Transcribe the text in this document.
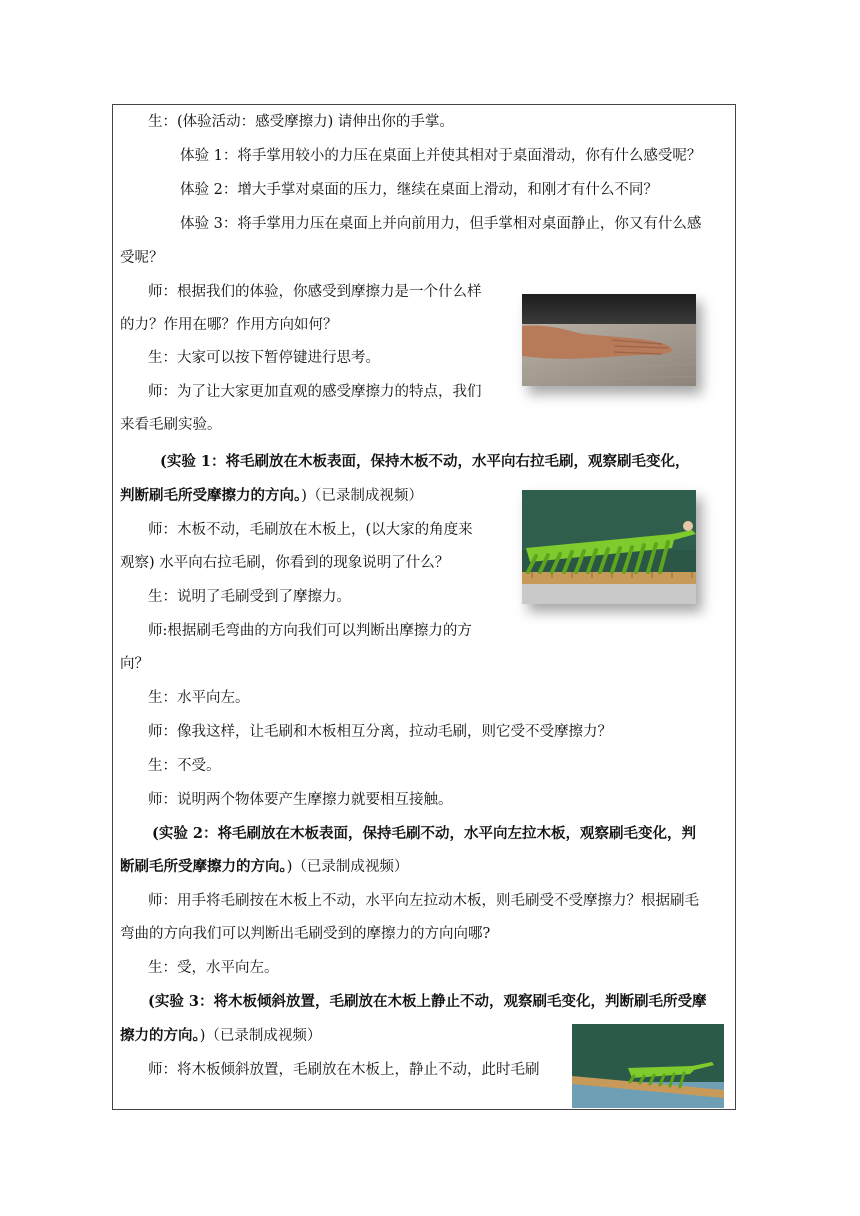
生：(体验活动：感受摩擦力) 请伸出你的手掌。
体验 1：将手掌用较小的力压在桌面上并使其相对于桌面滑动，你有什么感受呢？
体验 2：增大手掌对桌面的压力，继续在桌面上滑动，和刚才有什么不同？
体验 3：将手掌用力压在桌面上并向前用力，但手掌相对桌面静止，你又有什么感
受呢？
师：根据我们的体验，你感受到摩擦力是一个什么样
的力？作用在哪？作用方向如何？
生：大家可以按下暂停键进行思考。
师：为了让大家更加直观的感受摩擦力的特点，我们
来看毛刷实验。
(实验 1：将毛刷放在木板表面，保持木板不动，水平向右拉毛刷，观察刷毛变化，
判断刷毛所受摩擦力的方向。)（已录制成视频）
师：木板不动，毛刷放在木板上，(以大家的角度来
观察) 水平向右拉毛刷，你看到的现象说明了什么？
生：说明了毛刷受到了摩擦力。
师:根据刷毛弯曲的方向我们可以判断出摩擦力的方
向？
生：水平向左。
师：像我这样，让毛刷和木板相互分离，拉动毛刷，则它受不受摩擦力？
生：不受。
师：说明两个物体要产生摩擦力就要相互接触。
(实验 2：将毛刷放在木板表面，保持毛刷不动，水平向左拉木板，观察刷毛变化，判
断刷毛所受摩擦力的方向。)（已录制成视频）
师：用手将毛刷按在木板上不动，水平向左拉动木板，则毛刷受不受摩擦力？根据刷毛
弯曲的方向我们可以判断出毛刷受到的摩擦力的方向向哪?
生：受，水平向左。
(实验 3：将木板倾斜放置，毛刷放在木板上静止不动，观察刷毛变化，判断刷毛所受摩
擦力的方向。)（已录制成视频）
师：将木板倾斜放置，毛刷放在木板上，静止不动，此时毛刷
